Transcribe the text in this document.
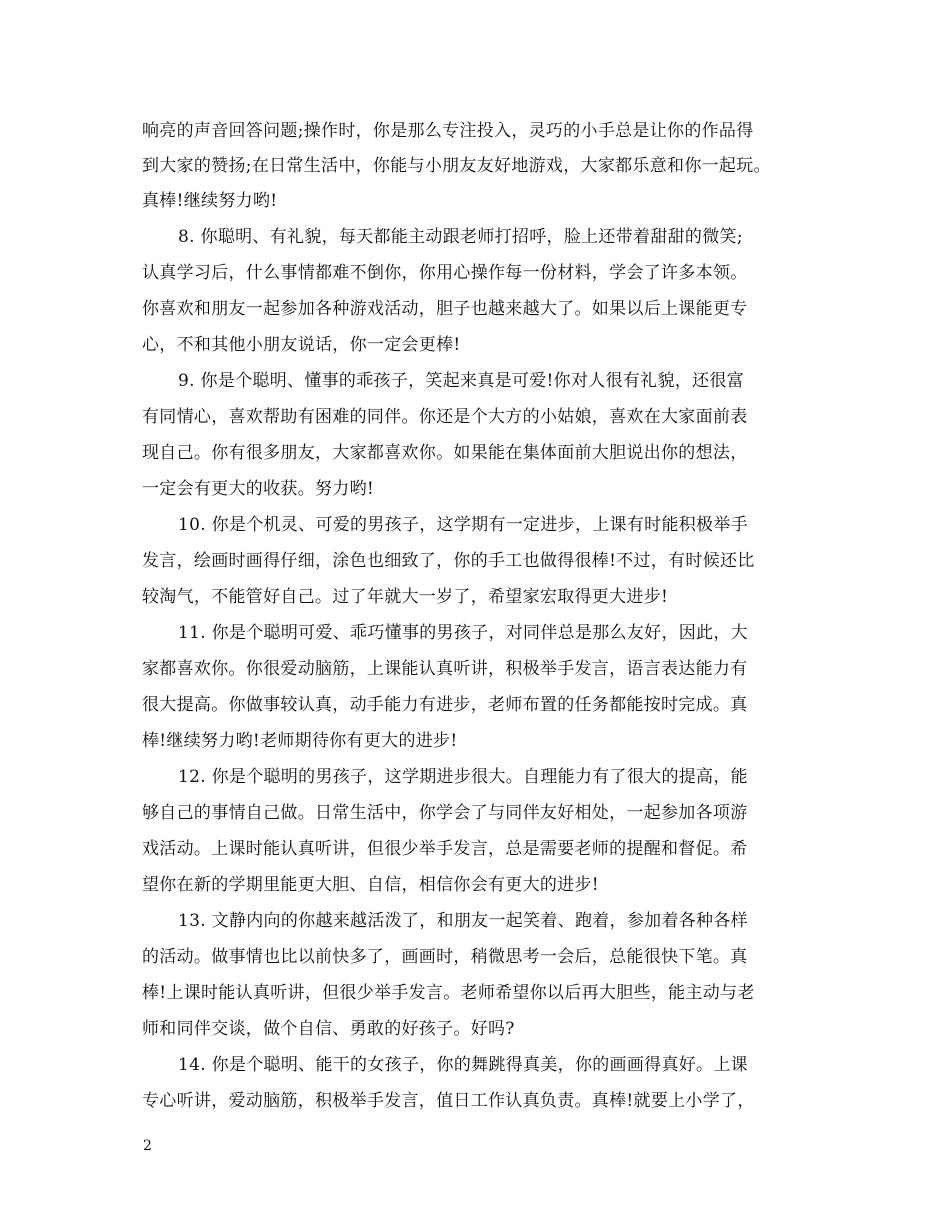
响亮的声音回答问题;操作时，你是那么专注投入，灵巧的小手总是让你的作品得
到大家的赞扬;在日常生活中，你能与小朋友友好地游戏，大家都乐意和你一起玩。
真棒!继续努力哟!
8. 你聪明、有礼貌，每天都能主动跟老师打招呼，脸上还带着甜甜的微笑;
认真学习后，什么事情都难不倒你，你用心操作每一份材料，学会了许多本领。
你喜欢和朋友一起参加各种游戏活动，胆子也越来越大了。如果以后上课能更专
心，不和其他小朋友说话，你一定会更棒!
9. 你是个聪明、懂事的乖孩子，笑起来真是可爱!你对人很有礼貌，还很富
有同情心，喜欢帮助有困难的同伴。你还是个大方的小姑娘，喜欢在大家面前表
现自己。你有很多朋友，大家都喜欢你。如果能在集体面前大胆说出你的想法，
一定会有更大的收获。努力哟!
10. 你是个机灵、可爱的男孩子，这学期有一定进步，上课有时能积极举手
发言，绘画时画得仔细，涂色也细致了，你的手工也做得很棒!不过，有时候还比
较淘气，不能管好自己。过了年就大一岁了，希望家宏取得更大进步!
11. 你是个聪明可爱、乖巧懂事的男孩子，对同伴总是那么友好，因此，大
家都喜欢你。你很爱动脑筋，上课能认真听讲，积极举手发言，语言表达能力有
很大提高。你做事较认真，动手能力有进步，老师布置的任务都能按时完成。真
棒!继续努力哟!老师期待你有更大的进步!
12. 你是个聪明的男孩子，这学期进步很大。自理能力有了很大的提高，能
够自己的事情自己做。日常生活中，你学会了与同伴友好相处，一起参加各项游
戏活动。上课时能认真听讲，但很少举手发言，总是需要老师的提醒和督促。希
望你在新的学期里能更大胆、自信，相信你会有更大的进步!
13. 文静内向的你越来越活泼了，和朋友一起笑着、跑着，参加着各种各样
的活动。做事情也比以前快多了，画画时，稍微思考一会后，总能很快下笔。真
棒!上课时能认真听讲，但很少举手发言。老师希望你以后再大胆些，能主动与老
师和同伴交谈，做个自信、勇敢的好孩子。好吗?
14. 你是个聪明、能干的女孩子，你的舞跳得真美，你的画画得真好。上课
专心听讲，爱动脑筋，积极举手发言，值日工作认真负责。真棒!就要上小学了，
2
